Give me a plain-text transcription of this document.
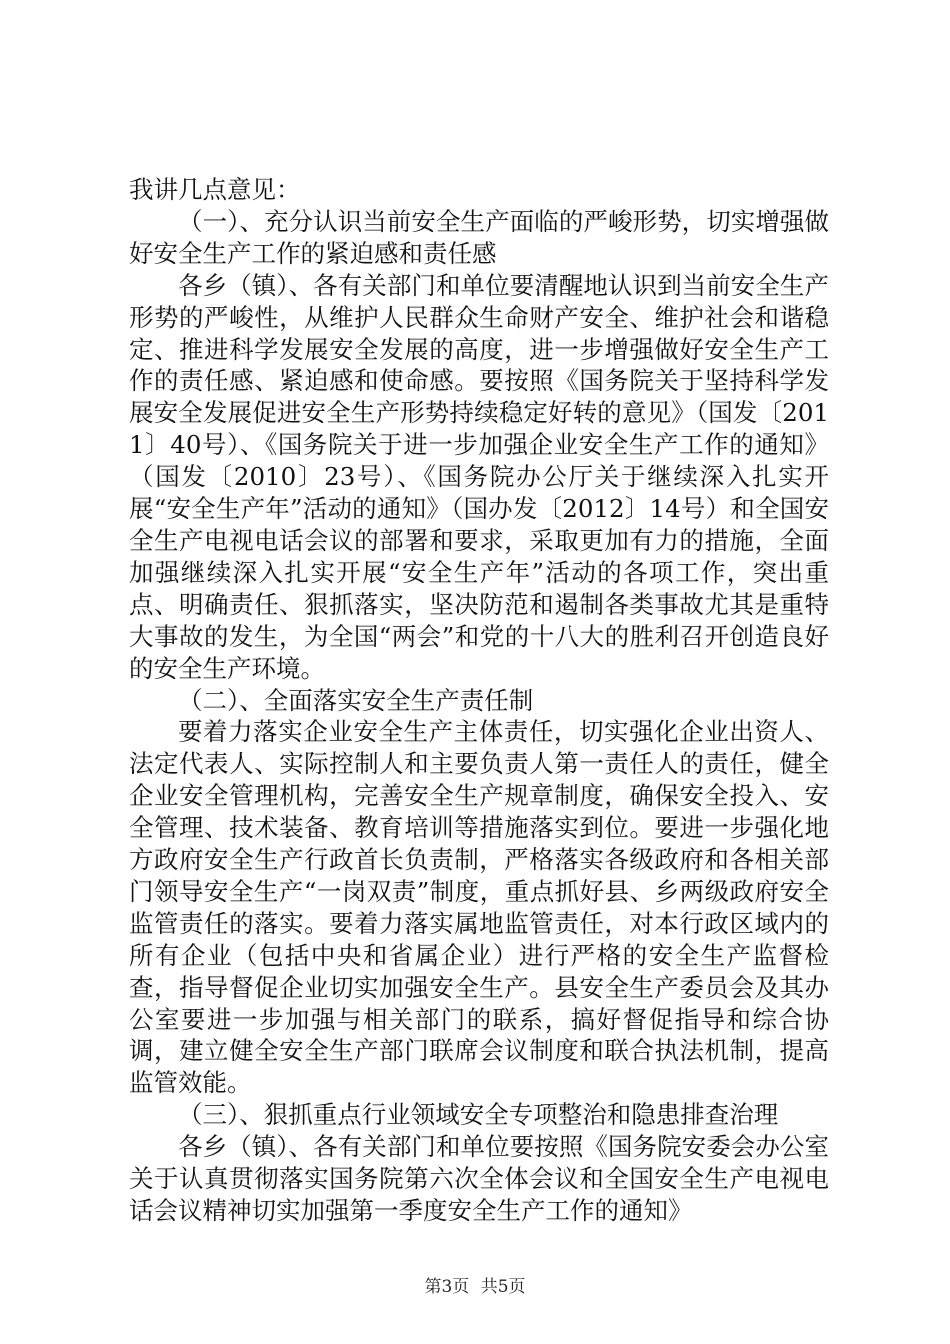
我讲几点意见：

（一）、充分认识当前安全生产面临的严峻形势，切实增强做好安全生产工作的紧迫感和责任感

各乡（镇）、各有关部门和单位要清醒地认识到当前安全生产形势的严峻性，从维护人民群众生命财产安全、维护社会和谐稳定、推进科学发展安全发展的高度，进一步增强做好安全生产工作的责任感、紧迫感和使命感。要按照《国务院关于坚持科学发展安全发展促进安全生产形势持续稳定好转的意见》（国发〔2011〕40号）、《国务院关于进一步加强企业安全生产工作的通知》（国发〔2010〕23号）、《国务院办公厅关于继续深入扎实开展“安全生产年”活动的通知》（国办发〔2012〕14号）和全国安全生产电视电话会议的部署和要求，采取更加有力的措施，全面加强继续深入扎实开展“安全生产年”活动的各项工作，突出重点、明确责任、狠抓落实，坚决防范和遏制各类事故尤其是重特大事故的发生，为全国“两会”和党的十八大的胜利召开创造良好的安全生产环境。

（二）、全面落实安全生产责任制

要着力落实企业安全生产主体责任，切实强化企业出资人、法定代表人、实际控制人和主要负责人第一责任人的责任，健全企业安全管理机构，完善安全生产规章制度，确保安全投入、安全管理、技术装备、教育培训等措施落实到位。要进一步强化地方政府安全生产行政首长负责制，严格落实各级政府和各相关部门领导安全生产“一岗双责”制度，重点抓好县、乡两级政府安全监管责任的落实。要着力落实属地监管责任，对本行政区域内的所有企业（包括中央和省属企业）进行严格的安全生产监督检查，指导督促企业切实加强安全生产。县安全生产委员会及其办公室要进一步加强与相关部门的联系，搞好督促指导和综合协调，建立健全安全生产部门联席会议制度和联合执法机制，提高监管效能。

（三）、狠抓重点行业领域安全专项整治和隐患排查治理

各乡（镇）、各有关部门和单位要按照《国务院安委会办公室关于认真贯彻落实国务院第六次全体会议和全国安全生产电视电话会议精神切实加强第一季度安全生产工作的通知》

第3页 共5页
